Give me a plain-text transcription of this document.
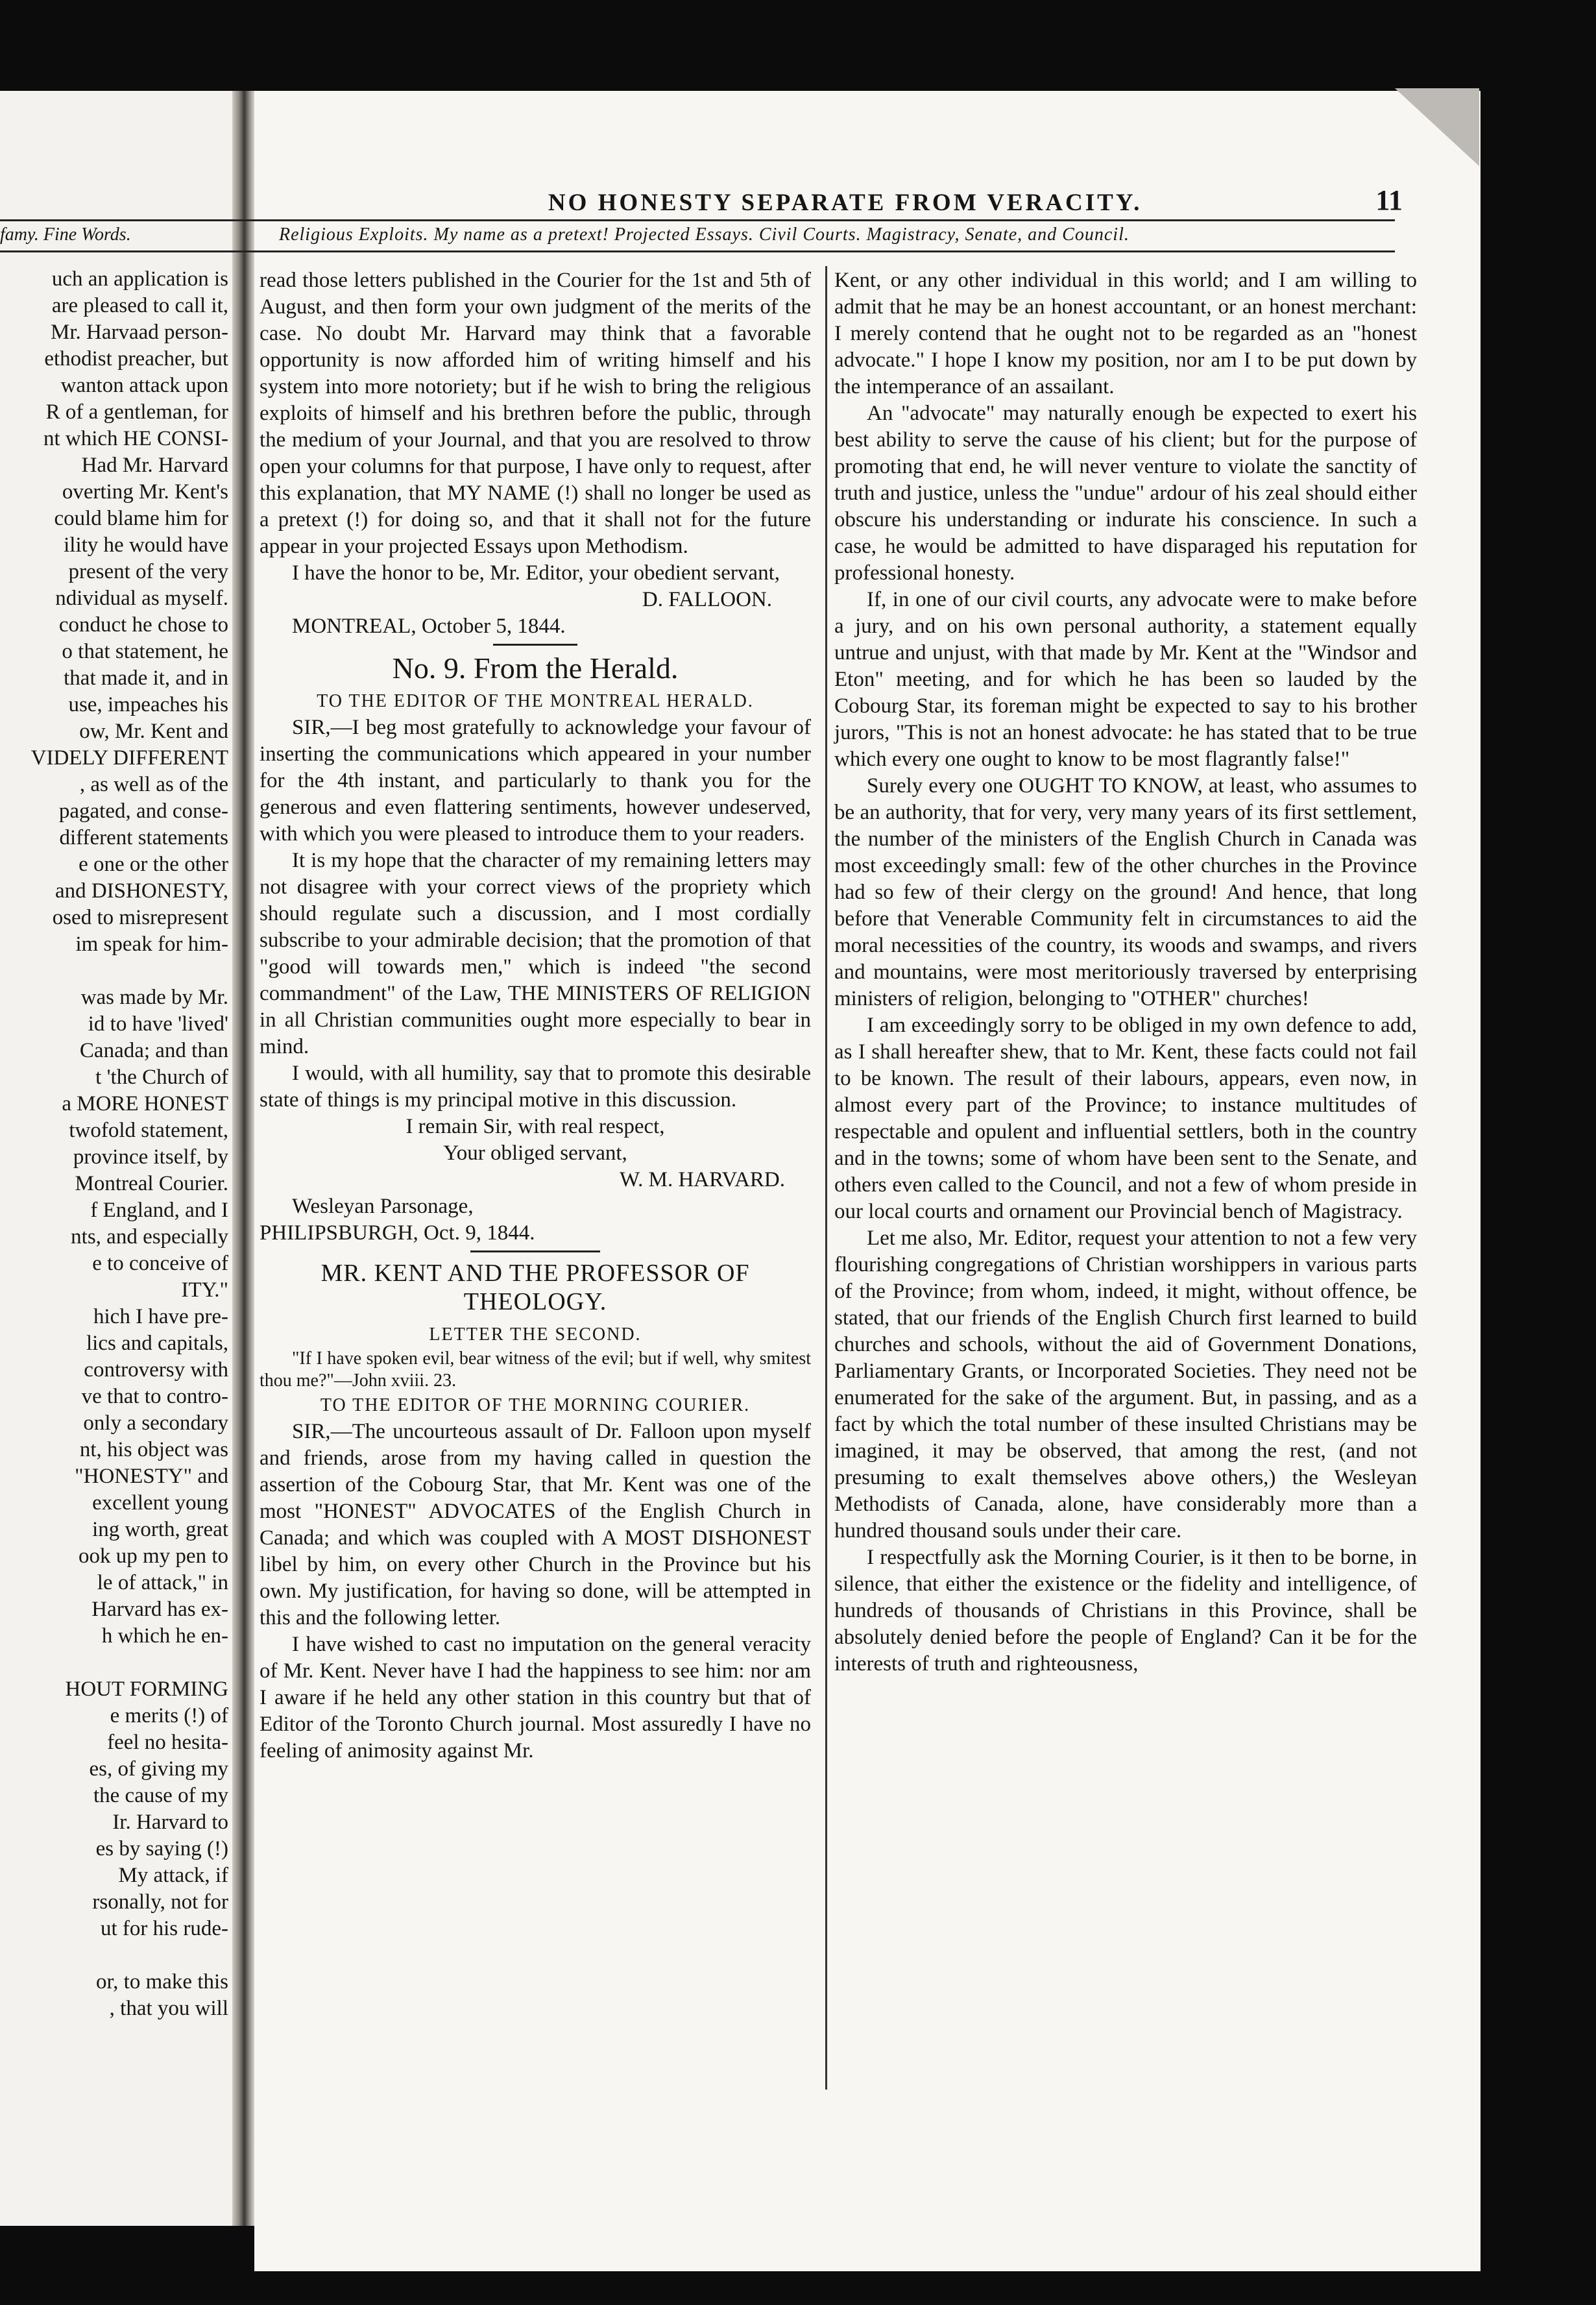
NO HONESTY SEPARATE FROM VERACITY.	11
famy. Fine Words.	Religious Exploits. My name as a pretext! Projected Essays. Civil Courts. Magistracy, Senate, and Council.
uch an application is
are pleased to call it,
Mr. Harvaad person-
ethodist preacher, but
wanton attack upon
R of a gentleman, for
nt which HE CONSI-
Had Mr. Harvard
overting Mr. Kent's
could blame him for
ility he would have
present of the very
ndividual as myself.
conduct he chose to
o that statement, he
that made it, and in
use, impeaches his
ow, Mr. Kent and
VIDELY DIFFERENT
, as well as of the
pagated, and conse-
different statements
e one or the other
and DISHONESTY,
osed to misrepresent
im speak for him-

was made by Mr.
id to have 'lived'
Canada; and than
t 'the Church of
a MORE HONEST
twofold statement,
province itself, by
Montreal Courier.
f England, and I
nts, and especially
e to conceive of
ITY."
hich I have pre-
lics and capitals,
controversy with
ve that to contro-
only a secondary
nt, his object was
"HONESTY" and
excellent young
ing worth, great
ook up my pen to
le of attack," in
Harvard has ex-
h which he en-

HOUT FORMING
e merits (!) of
feel no hesita-
es, of giving my
the cause of my
Ir. Harvard to
es by saying (!)
My attack, if
rsonally, not for
ut for his rude-

or, to make this
, that you will

read those letters published in the Courier for the 1st and 5th of August, and then form your own judgment of the merits of the case. No doubt Mr. Harvard may think that a favorable opportunity is now afforded him of writing himself and his system into more notoriety; but if he wish to bring the religious exploits of himself and his brethren before the public, through the medium of your Journal, and that you are resolved to throw open your columns for that purpose, I have only to request, after this explanation, that MY NAME (!) shall no longer be used as a pretext (!) for doing so, and that it shall not for the future appear in your projected Essays upon Methodism.

I have the honor to be, Mr. Editor, your obedient servant,

D. FALLOON.

MONTREAL, October 5, 1844.

No. 9. From the Herald.
TO THE EDITOR OF THE MONTREAL HERALD.

SIR,—I beg most gratefully to acknowledge your favour of inserting the communications which appeared in your number for the 4th instant, and particularly to thank you for the generous and even flattering sentiments, however undeserved, with which you were pleased to introduce them to your readers.

It is my hope that the character of my remaining letters may not disagree with your correct views of the propriety which should regulate such a discussion, and I most cordially subscribe to your admirable decision; that the promotion of that "good will towards men," which is indeed "the second commandment" of the Law, THE MINISTERS OF RELIGION in all Christian communities ought more especially to bear in mind.

I would, with all humility, say that to promote this desirable state of things is my principal motive in this discussion.

I remain Sir, with real respect,

Your obliged servant,

W. M. HARVARD.

Wesleyan Parsonage,

PHILIPSBURGH, Oct. 9, 1844.

MR. KENT AND THE PROFESSOR OF THEOLOGY.
LETTER THE SECOND.

"If I have spoken evil, bear witness of the evil; but if well, why smitest thou me?"—John xviii. 23.

TO THE EDITOR OF THE MORNING COURIER.

SIR,—The uncourteous assault of Dr. Falloon upon myself and friends, arose from my having called in question the assertion of the Cobourg Star, that Mr. Kent was one of the most "HONEST" ADVOCATES of the English Church in Canada; and which was coupled with A MOST DISHONEST libel by him, on every other Church in the Province but his own. My justification, for having so done, will be attempted in this and the following letter.

I have wished to cast no imputation on the general veracity of Mr. Kent. Never have I had the happiness to see him: nor am I aware if he held any other station in this country but that of Editor of the Toronto Church journal. Most assuredly I have no feeling of animosity against Mr.

Kent, or any other individual in this world; and I am willing to admit that he may be an honest accountant, or an honest merchant: I merely contend that he ought not to be regarded as an "honest advocate." I hope I know my position, nor am I to be put down by the intemperance of an assailant.

An "advocate" may naturally enough be expected to exert his best ability to serve the cause of his client; but for the purpose of promoting that end, he will never venture to violate the sanctity of truth and justice, unless the "undue" ardour of his zeal should either obscure his understanding or indurate his conscience. In such a case, he would be admitted to have disparaged his reputation for professional honesty.

If, in one of our civil courts, any advocate were to make before a jury, and on his own personal authority, a statement equally untrue and unjust, with that made by Mr. Kent at the "Windsor and Eton" meeting, and for which he has been so lauded by the Cobourg Star, its foreman might be expected to say to his brother jurors, "This is not an honest advocate: he has stated that to be true which every one ought to know to be most flagrantly false!"

Surely every one OUGHT TO KNOW, at least, who assumes to be an authority, that for very, very many years of its first settlement, the number of the ministers of the English Church in Canada was most exceedingly small: few of the other churches in the Province had so few of their clergy on the ground! And hence, that long before that Venerable Community felt in circumstances to aid the moral necessities of the country, its woods and swamps, and rivers and mountains, were most meritoriously traversed by enterprising ministers of religion, belonging to "OTHER" churches!

I am exceedingly sorry to be obliged in my own defence to add, as I shall hereafter shew, that to Mr. Kent, these facts could not fail to be known. The result of their labours, appears, even now, in almost every part of the Province; to instance multitudes of respectable and opulent and influential settlers, both in the country and in the towns; some of whom have been sent to the Senate, and others even called to the Council, and not a few of whom preside in our local courts and ornament our Provincial bench of Magistracy.

Let me also, Mr. Editor, request your attention to not a few very flourishing congregations of Christian worshippers in various parts of the Province; from whom, indeed, it might, without offence, be stated, that our friends of the English Church first learned to build churches and schools, without the aid of Government Donations, Parliamentary Grants, or Incorporated Societies. They need not be enumerated for the sake of the argument. But, in passing, and as a fact by which the total number of these insulted Christians may be imagined, it may be observed, that among the rest, (and not presuming to exalt themselves above others,) the Wesleyan Methodists of Canada, alone, have considerably more than a hundred thousand souls under their care.

I respectfully ask the Morning Courier, is it then to be borne, in silence, that either the existence or the fidelity and intelligence, of hundreds of thousands of Christians in this Province, shall be absolutely denied before the people of England? Can it be for the interests of truth and righteousness,
